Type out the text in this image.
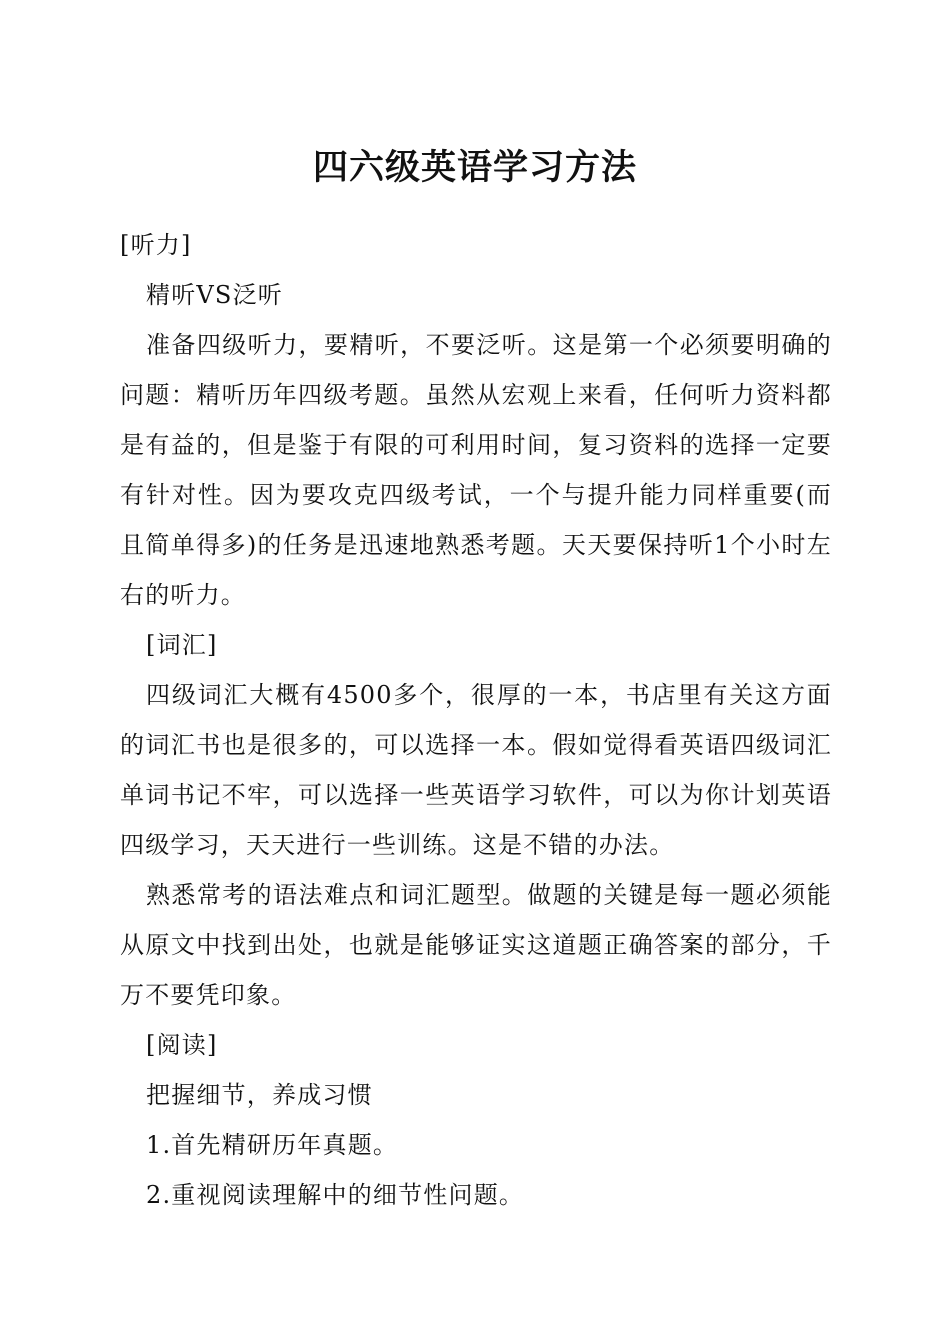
四六级英语学习方法

[听力]

精听VS泛听

准备四级听力，要精听，不要泛听。这是第一个必须要明确的问题：精听历年四级考题。虽然从宏观上来看，任何听力资料都是有益的，但是鉴于有限的可利用时间，复习资料的选择一定要有针对性。因为要攻克四级考试，一个与提升能力同样重要(而且简单得多)的任务是迅速地熟悉考题。天天要保持听1个小时左右的听力。

[词汇]

四级词汇大概有4500多个，很厚的一本，书店里有关这方面的词汇书也是很多的，可以选择一本。假如觉得看英语四级词汇单词书记不牢，可以选择一些英语学习软件，可以为你计划英语四级学习，天天进行一些训练。这是不错的办法。

熟悉常考的语法难点和词汇题型。做题的关键是每一题必须能从原文中找到出处，也就是能够证实这道题正确答案的部分，千万不要凭印象。

[阅读]

把握细节，养成习惯

1.首先精研历年真题。

2.重视阅读理解中的细节性问题。
